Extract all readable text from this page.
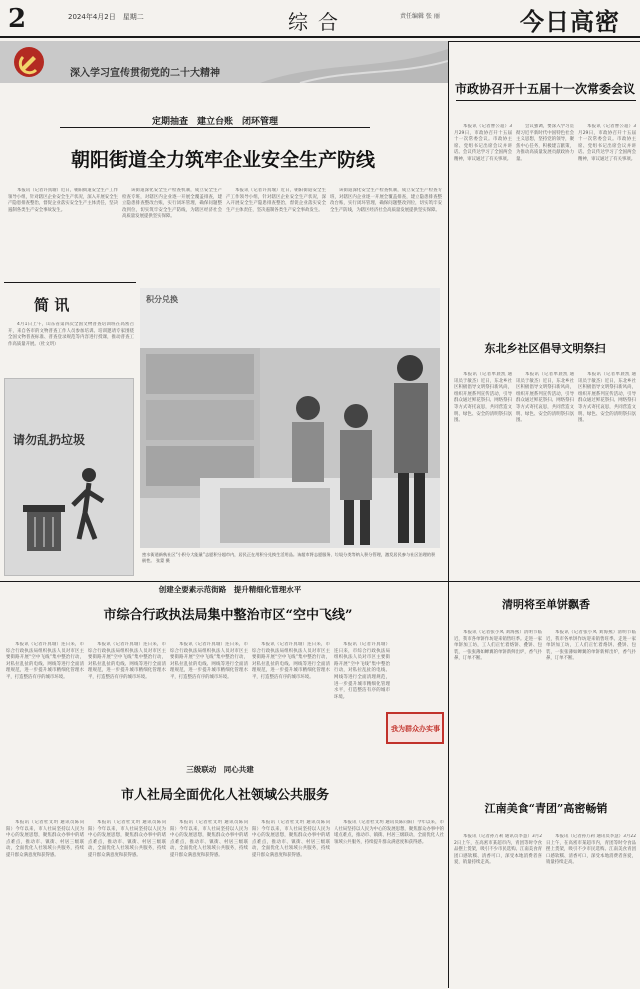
2	2024年4月2日　星期二	综合	责任编辑 张 丽	今日高密
深入学习宣传贯彻党的二十大精神
定期抽查　建立台账　闭环管理
朝阳街道全力筑牢企业安全生产防线

本报讯（记者许真瑜）近日，朝阳街道安全生产工作领导小组，针对辖区企业安全生产状况，深入开展安全生产隐患排查整治，督促企业落实安全生产主体责任，坚决遏制各类生产安全事故发生。

该街道深化安全生产检查机制，成立安全生产检查专班，对辖区内企业逐一开展全覆盖排查，建立隐患排查整改台账，实行闭环管理，确保问题整改到位，切实筑牢安全生产防线，为辖区经济社会高质量发展提供坚实保障。

本报讯（记者许真瑜）近日，朝阳街道安全生产工作领导小组，针对辖区企业安全生产状况，深入开展安全生产隐患排查整治，督促企业落实安全生产主体责任，坚决遏制各类生产安全事故发生。

该街道深化安全生产检查机制，成立安全生产检查专班，对辖区内企业逐一开展全覆盖排查，建立隐患排查整改台账，实行闭环管理，确保问题整改到位，切实筑牢安全生产防线，为辖区经济社会高质量发展提供坚实保障。

简 讯

4月1日上午，山东省第四次全国文物普查培训班在高密召开，来自各市的文物普查工作人员参加培训。培训邀请专家围绕全国文物普查标准、普查登录规范等内容进行授课，推动普查工作高质量开展。（杜文玥）

请勿乱扔垃圾
积分兑换
密水街道新秋社区“小积分大能量”志愿积分超市内，居民正在用积分兑换生活用品。该超市将志愿服务、垃圾分类等纳入积分管理，激发居民参与社区治理的积极性。 张蒙 摄
市政协召开十五届十一次常委会议

本报讯（记者曹公超）3月29日，市政协召开十五届十一次常委会议。市政协主席、党组书记出席会议并讲话。会议传达学习了全国两会精神，审议通过了有关事项。

会议强调，要深入学习贯彻习近平新时代中国特色社会主义思想，坚持党的领导，聚焦中心任务，积极建言献策，为推动高质量发展贡献政协力量。

本报讯（记者曹公超）3月29日，市政协召开十五届十一次常委会议。市政协主席、党组书记出席会议并讲话。会议传达学习了全国两会精神，审议通过了有关事项。

东北乡社区倡导文明祭扫

本报讯（记者单晨凯 通讯员于敏杰）近日，东北乡社区积极倡导文明祭扫新风尚，组织开展系列宣传活动，引导群众通过鲜花祭扫、网络祭扫等方式寄托哀思，共同营造文明、绿色、安全的清明祭扫氛围。

本报讯（记者单晨凯 通讯员于敏杰）近日，东北乡社区积极倡导文明祭扫新风尚，组织开展系列宣传活动，引导群众通过鲜花祭扫、网络祭扫等方式寄托哀思，共同营造文明、绿色、安全的清明祭扫氛围。

本报讯（记者单晨凯 通讯员于敏杰）近日，东北乡社区积极倡导文明祭扫新风尚，组织开展系列宣传活动，引导群众通过鲜花祭扫、网络祭扫等方式寄托哀思，共同营造文明、绿色、安全的清明祭扫氛围。

创建全要素示范街路　提升精细化管理水平
市综合行政执法局集中整治市区“空中飞线”

本报讯（记者许真瑜）连日来，市综合行政执法局组织执法人员对市区主要街路开展“空中飞线”集中整治行动，对私拉乱扯的电线、网线等进行全面清理规范，进一步提升城市精细化管理水平，打造整洁有序的城市环境。

本报讯（记者许真瑜）连日来，市综合行政执法局组织执法人员对市区主要街路开展“空中飞线”集中整治行动，对私拉乱扯的电线、网线等进行全面清理规范，进一步提升城市精细化管理水平，打造整洁有序的城市环境。

本报讯（记者许真瑜）连日来，市综合行政执法局组织执法人员对市区主要街路开展“空中飞线”集中整治行动，对私拉乱扯的电线、网线等进行全面清理规范，进一步提升城市精细化管理水平，打造整洁有序的城市环境。

本报讯（记者许真瑜）连日来，市综合行政执法局组织执法人员对市区主要街路开展“空中飞线”集中整治行动，对私拉乱扯的电线、网线等进行全面清理规范，进一步提升城市精细化管理水平，打造整洁有序的城市环境。

本报讯（记者许真瑜）连日来，市综合行政执法局组织执法人员对市区主要街路开展“空中飞线”集中整治行动，对私拉乱扯的电线、网线等进行全面清理规范，进一步提升城市精细化管理水平，打造整洁有序的城市环境。

我为群众办实事
三级联动　同心共建
市人社局全面优化人社领域公共服务

本报讯（记者杜文玥 通讯员陈向阳）今年以来，市人社局坚持以人民为中心的发展思想，聚焦群众办事中的堵点难点，推动市、镇街、村居三级联动，全面优化人社领域公共服务，持续提升群众满意度和获得感。

本报讯（记者杜文玥 通讯员陈向阳）今年以来，市人社局坚持以人民为中心的发展思想，聚焦群众办事中的堵点难点，推动市、镇街、村居三级联动，全面优化人社领域公共服务，持续提升群众满意度和获得感。

本报讯（记者杜文玥 通讯员陈向阳）今年以来，市人社局坚持以人民为中心的发展思想，聚焦群众办事中的堵点难点，推动市、镇街、村居三级联动，全面优化人社领域公共服务，持续提升群众满意度和获得感。

本报讯（记者杜文玥 通讯员陈向阳）今年以来，市人社局坚持以人民为中心的发展思想，聚焦群众办事中的堵点难点，推动市、镇街、村居三级联动，全面优化人社领域公共服务，持续提升群众满意度和获得感。

本报讯（记者杜文玥 通讯员陈向阳）今年以来，市人社局坚持以人民为中心的发展思想，聚焦群众办事中的堵点难点，推动市、镇街、村居三级联动，全面优化人社领域公共服务，持续提升群众满意度和获得感。

清明将至单饼飘香

本报讯（记者张小凤 刘海燕）清明节临近，我市各单饼作坊迎来销售旺季。走进一家单饼加工坊，工人们正忙着烙饼、叠饼、包装，一张张薄如蝉翼的单饼新鲜出炉，香气扑鼻，订单不断。

本报讯（记者张小凤 刘海燕）清明节临近，我市各单饼作坊迎来销售旺季。走进一家单饼加工坊，工人们正忙着烙饼、叠饼、包装，一张张薄如蝉翼的单饼新鲜出炉，香气扑鼻，订单不断。

江南美食“青团”高密畅销

本报讯（记者孙万莉 通讯员李慧）3月22日上午，在高密市某超市内，青团等时令食品摆上货架，吸引不少市民选购。江南美食青团口感软糯、清香可口，深受本地消费者喜爱，销量持续走高。

本报讯（记者孙万莉 通讯员李慧）3月22日上午，在高密市某超市内，青团等时令食品摆上货架，吸引不少市民选购。江南美食青团口感软糯、清香可口，深受本地消费者喜爱，销量持续走高。
